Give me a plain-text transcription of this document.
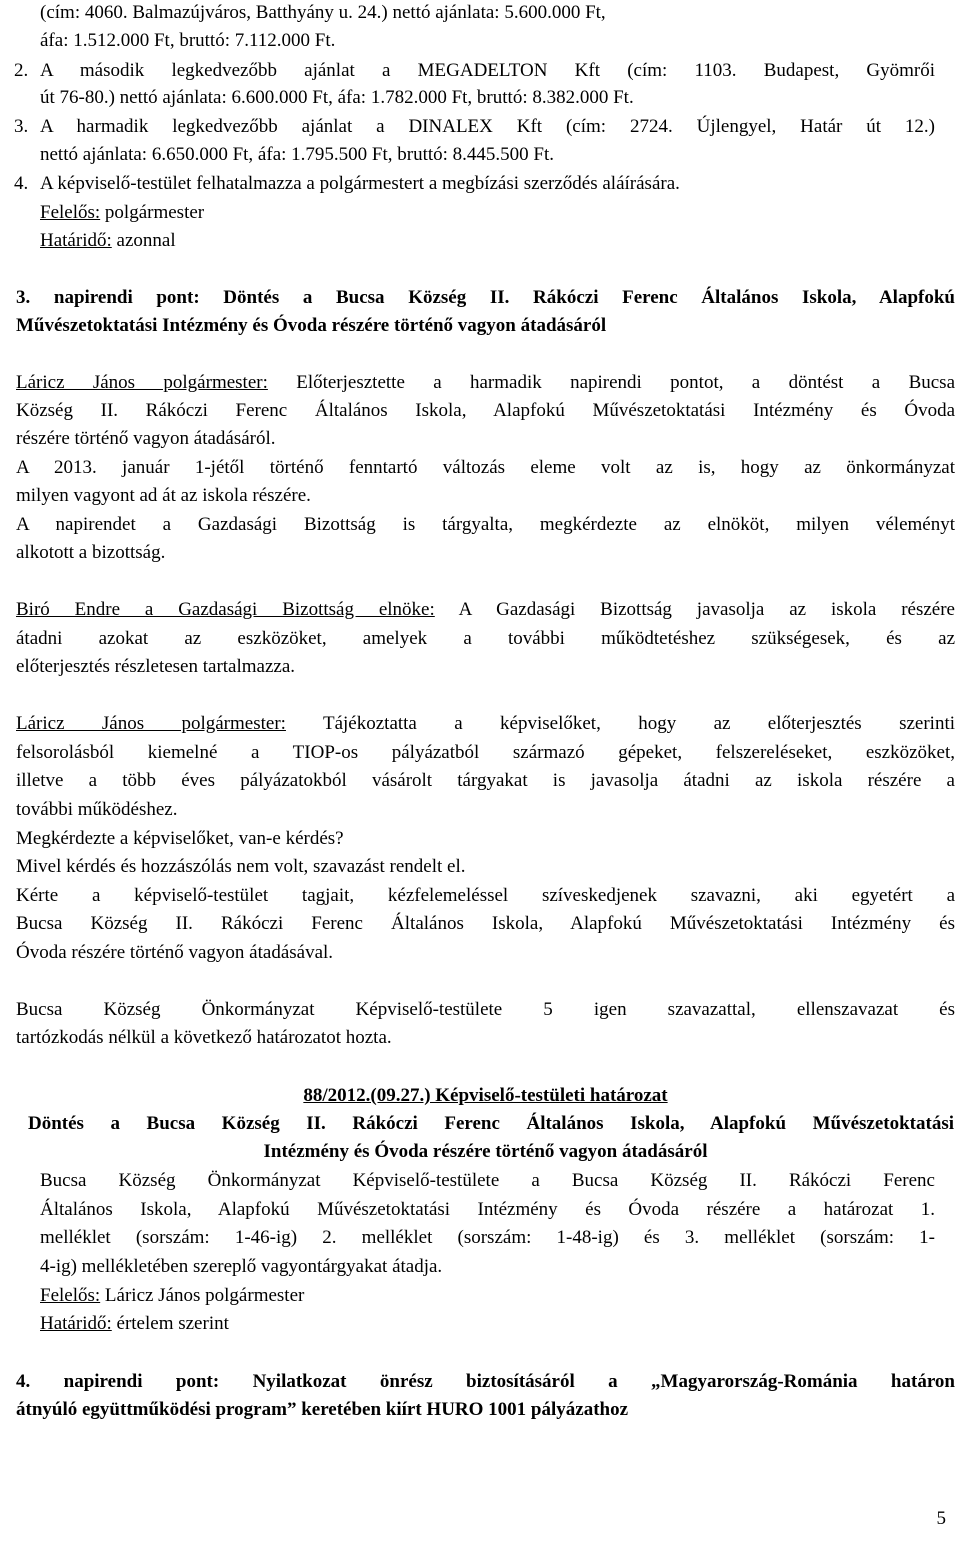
(cím: 4060. Balmazújváros, Batthyány u. 24.) nettó ajánlata: 5.600.000 Ft,
áfa: 1.512.000 Ft, bruttó: 7.112.000 Ft.
2. A második legkedvezőbb ajánlat a MEGADELTON Kft (cím: 1103. Budapest, Gyömrői
út 76-80.) nettó ajánlata: 6.600.000 Ft, áfa: 1.782.000 Ft, bruttó: 8.382.000 Ft.
3. A harmadik legkedvezőbb ajánlat a DINALEX Kft (cím: 2724. Újlengyel, Határ út 12.)
nettó ajánlata: 6.650.000 Ft, áfa: 1.795.500 Ft, bruttó: 8.445.500 Ft.
4. A képviselő-testület felhatalmazza a polgármestert a megbízási szerződés aláírására.
Felelős: polgármester
Határidő: azonnal
3. napirendi pont: Döntés a Bucsa Község II. Rákóczi Ferenc Általános Iskola, Alapfokú
Művészetoktatási Intézmény és Óvoda részére történő vagyon átadásáról
Láricz János polgármester: Előterjesztette a harmadik napirendi pontot, a döntést a Bucsa
Község II. Rákóczi Ferenc Általános Iskola, Alapfokú Művészetoktatási Intézmény és Óvoda
részére történő vagyon átadásáról.
A 2013. január 1-jétől történő fenntartó változás eleme volt az is, hogy az önkormányzat
milyen vagyont ad át az iskola részére.
A napirendet a Gazdasági Bizottság is tárgyalta, megkérdezte az elnököt, milyen véleményt
alkotott a bizottság.
Biró Endre a Gazdasági Bizottság elnöke: A Gazdasági Bizottság javasolja az iskola részére
átadni azokat az eszközöket, amelyek a további működtetéshez szükségesek, és az
előterjesztés részletesen tartalmazza.
Láricz János polgármester: Tájékoztatta a képviselőket, hogy az előterjesztés szerinti
felsorolásból kiemelné a TIOP-os pályázatból származó gépeket, felszereléseket, eszközöket,
illetve a több éves pályázatokból vásárolt tárgyakat is javasolja átadni az iskola részére a
további működéshez.
Megkérdezte a képviselőket, van-e kérdés?
Mivel kérdés és hozzászólás nem volt, szavazást rendelt el.
Kérte a képviselő-testület tagjait, kézfelemeléssel szíveskedjenek szavazni, aki egyetért a
Bucsa Község II. Rákóczi Ferenc Általános Iskola, Alapfokú Művészetoktatási Intézmény és
Óvoda részére történő vagyon átadásával.
Bucsa Község Önkormányzat Képviselő-testülete 5 igen szavazattal, ellenszavazat és
tartózkodás nélkül a következő határozatot hozta.
88/2012.(09.27.) Képviselő-testületi határozat
Döntés a Bucsa Község II. Rákóczi Ferenc Általános Iskola, Alapfokú Művészetoktatási
Intézmény és Óvoda részére történő vagyon átadásáról
Bucsa Község Önkormányzat Képviselő-testülete a Bucsa Község II. Rákóczi Ferenc
Általános Iskola, Alapfokú Művészetoktatási Intézmény és Óvoda részére a határozat 1.
melléklet (sorszám: 1-46-ig) 2. melléklet (sorszám: 1-48-ig) és 3. melléklet (sorszám: 1-
4-ig) mellékletében szereplő vagyontárgyakat átadja.
Felelős: Láricz János polgármester
Határidő: értelem szerint
4. napirendi pont: Nyilatkozat önrész biztosításáról a „Magyarország-Románia határon
átnyúló együttműködési program” keretében kiírt HURO 1001 pályázathoz
5
